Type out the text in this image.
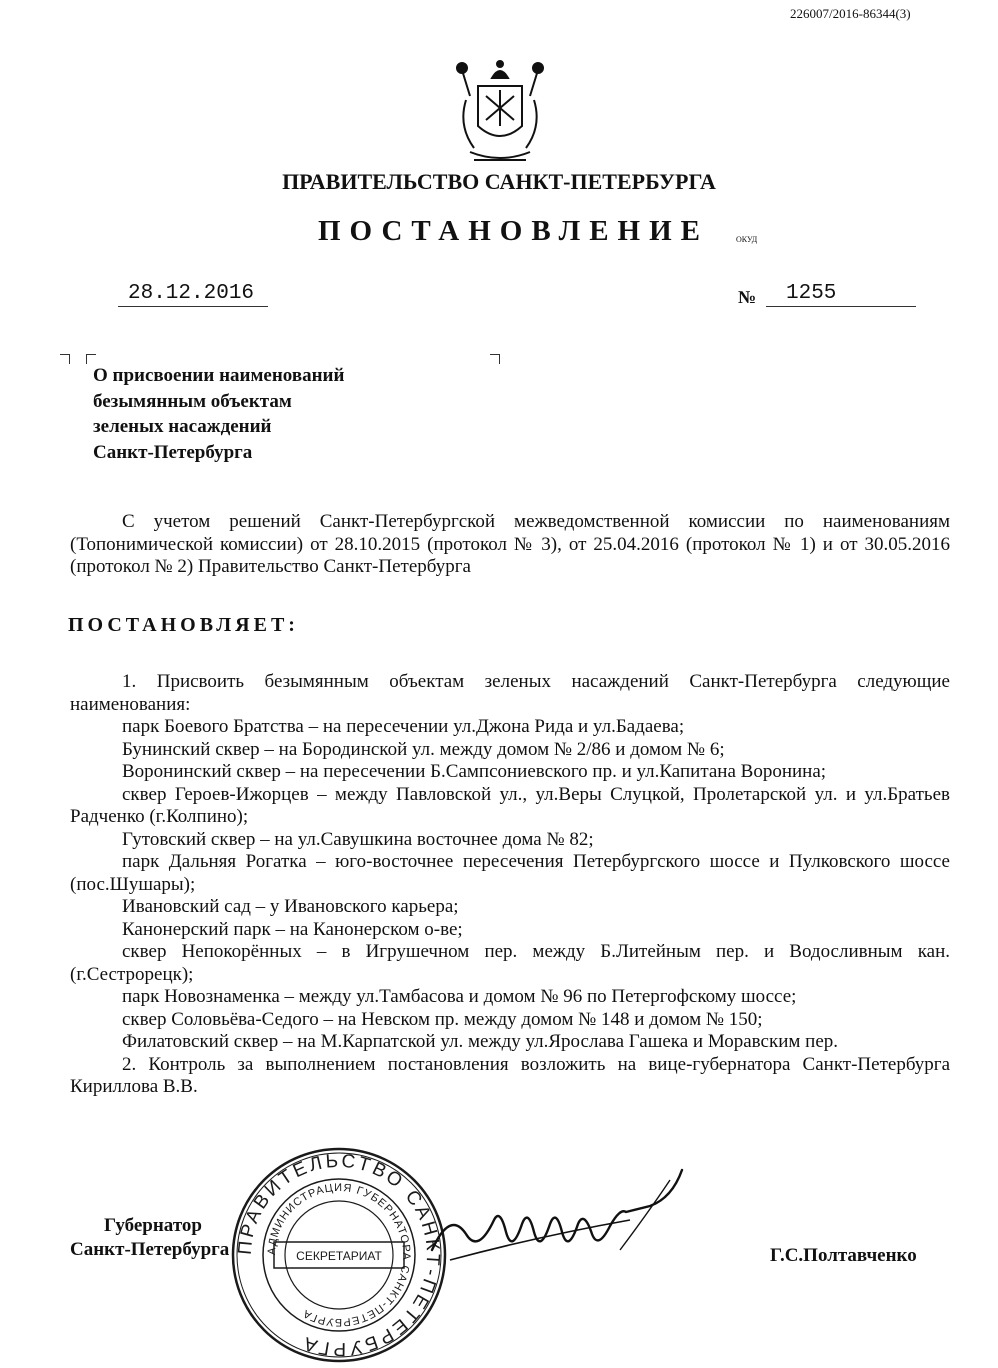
226007/2016-86344(3)
ПРАВИТЕЛЬСТВО САНКТ-ПЕТЕРБУРГА
ПОСТАНОВЛЕНИЕ	ОКУД
28.12.2016	№ 1255
О присвоении наименований
безымянным объектам
зеленых насаждений
Санкт-Петербурга
С учетом решений Санкт-Петербургской межведомственной комиссии по наименованиям (Топонимической комиссии) от 28.10.2015 (протокол № 3), от 25.04.2016 (протокол № 1) и от 30.05.2016 (протокол № 2) Правительство Санкт-Петербурга
ПОСТАНОВЛЯЕТ:
1. Присвоить безымянным объектам зеленых насаждений Санкт-Петербурга следующие наименования:
парк Боевого Братства – на пересечении ул.Джона Рида и ул.Бадаева;
Бунинский сквер – на Бородинской ул. между домом № 2/86 и домом № 6;
Воронинский сквер – на пересечении Б.Сампсониевского пр. и ул.Капитана Воронина;
сквер Героев-Ижорцев – между Павловской ул., ул.Веры Слуцкой, Пролетарской ул. и ул.Братьев Радченко (г.Колпино);
Гутовский сквер – на ул.Савушкина восточнее дома № 82;
парк Дальняя Рогатка – юго-восточнее пересечения Петербургского шоссе и Пулковского шоссе (пос.Шушары);
Ивановский сад – у Ивановского карьера;
Канонерский парк – на Канонерском о-ве;
сквер Непокорённых – в Игрушечном пер. между Б.Литейным пер. и Водосливным кан. (г.Сестрорецк);
парк Новознаменка – между ул.Тамбасова и домом № 96 по Петергофскому шоссе;
сквер Соловьёва-Седого – на Невском пр. между домом № 148 и домом № 150;
Филатовский сквер – на М.Карпатской ул. между ул.Ярослава Гашека и Моравским пер.
2. Контроль за выполнением постановления возложить на вице-губернатора Санкт-Петербурга Кириллова В.В.
ПРАВИТЕЛЬСТВО САНКТ-ПЕТЕРБУРГА
АДМИНИСТРАЦИЯ ГУБЕРНАТОРА САНКТ-ПЕТЕРБУРГА
СЕКРЕТАРИАТ
Губернатор
Санкт-Петербурга	Г.С.Полтавченко
